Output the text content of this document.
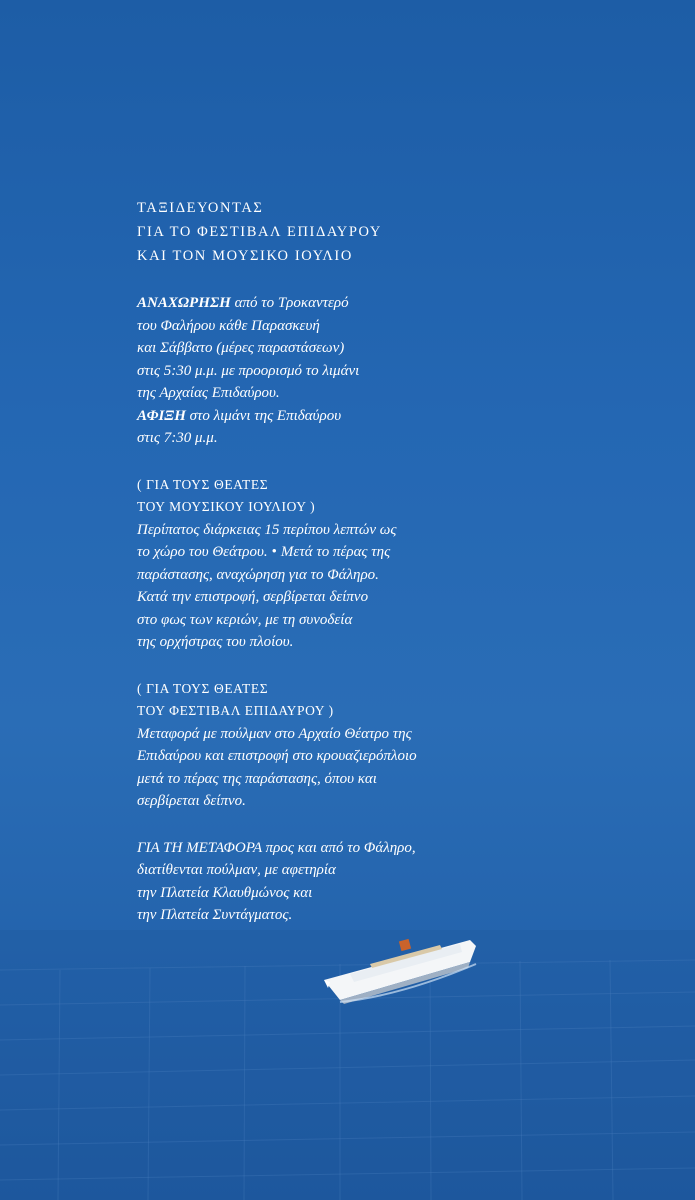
ΤΑΞΙΔΕΥΟΝΤΑΣ
ΓΙΑ ΤΟ ΦΕΣΤΙΒΑΛ ΕΠΙΔΑΥΡΟΥ
ΚΑΙ ΤΟΝ ΜΟΥΣΙΚΟ ΙΟΥΛΙΟ
ΑΝΑΧΩΡΗΣΗ από το Τροκαντερό
του Φαλήρου κάθε Παρασκευή
και Σάββατο (μέρες παραστάσεων)
στις 5:30 μ.μ. με προορισμό το λιμάνι
της Αρχαίας Επιδαύρου.
ΑΦΙΞΗ στο λιμάνι της Επιδαύρου
στις 7:30 μ.μ.
( ΓΙΑ ΤΟΥΣ ΘΕΑΤΕΣ
ΤΟΥ ΜΟΥΣΙΚΟΥ ΙΟΥΛΙΟΥ )
Περίπατος διάρκειας 15 περίπου λεπτών ως
το χώρο του Θεάτρου. • Μετά το πέρας της
παράστασης, αναχώρηση για το Φάληρο.
Κατά την επιστροφή, σερβίρεται δείπνο
στο φως των κεριών, με τη συνοδεία
της ορχήστρας του πλοίου.
( ΓΙΑ ΤΟΥΣ ΘΕΑΤΕΣ
ΤΟΥ ΦΕΣΤΙΒΑΛ ΕΠΙΔΑΥΡΟΥ )
Μεταφορά με πούλμαν στο Αρχαίο Θέατρο της
Επιδαύρου και επιστροφή στο κρουαζιερόπλοιο
μετά το πέρας της παράστασης, όπου και
σερβίρεται δείπνο.
ΓΙΑ ΤΗ ΜΕΤΑΦΟΡΑ προς και από το Φάληρο,
διατίθενται πούλμαν, με αφετηρία
την Πλατεία Κλαυθμώνος και
την Πλατεία Συντάγματος.
